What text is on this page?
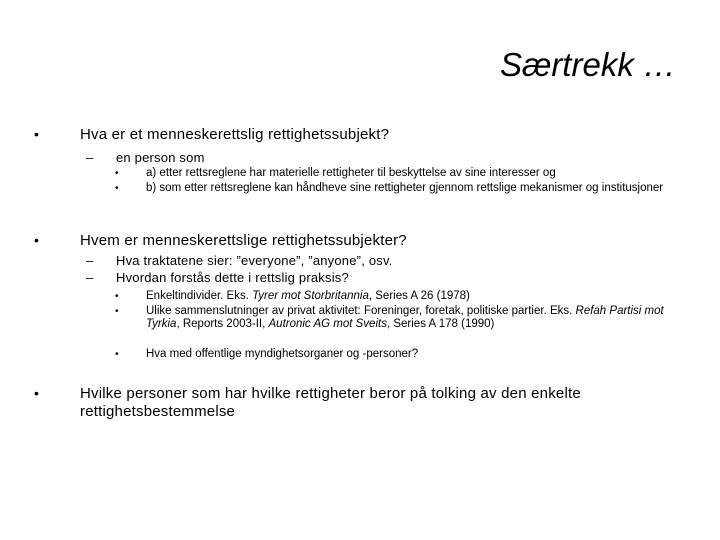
Særtrekk …
•	Hva er et menneskerettslig rettighetssubjekt?
– en person som
• a) etter rettsreglene har materielle rettigheter til beskyttelse av sine interesser og
• b) som etter rettsreglene kan håndheve sine rettigheter gjennom rettslige mekanismer og institusjoner
•	Hvem er menneskerettslige rettighetssubjekter?
– Hva traktatene sier: ”everyone”, ”anyone”, osv.
– Hvordan forstås dette i rettslig praksis?
• Enkeltindivider. Eks. Tyrer mot Storbritannia, Series A 26 (1978)
• Ulike sammenslutninger av privat aktivitet: Foreninger, foretak, politiske partier. Eks. Refah Partisi mot Tyrkia, Reports 2003-II, Autronic AG mot Sveits, Series A 178 (1990)
• Hva med offentlige myndighetsorganer og -personer?
•	Hvilke personer som har hvilke rettigheter beror på tolking av den enkelte rettighetsbestemmelse
